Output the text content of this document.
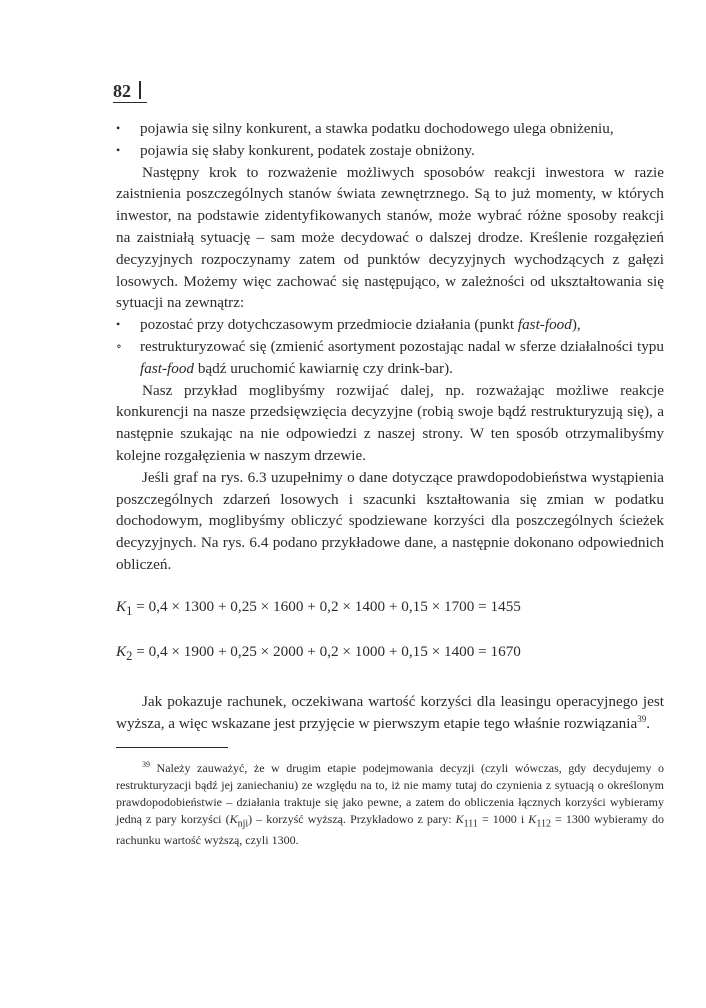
82
• pojawia się silny konkurent, a stawka podatku dochodowego ulega obniżeniu,
• pojawia się słaby konkurent, podatek zostaje obniżony.

Następny krok to rozważenie możliwych sposobów reakcji inwestora w razie zaistnienia poszczególnych stanów świata zewnętrznego. Są to już momenty, w których inwestor, na podstawie zidentyfikowanych stanów, może wybrać różne sposoby reakcji na zaistniałą sytuację – sam może decydować o dalszej drodze. Kreślenie rozgałęzień decyzyjnych rozpoczynamy zatem od punktów decyzyjnych wychodzących z gałęzi losowych. Możemy więc zachować się następująco, w zależności od ukształtowania się sytuacji na zewnątrz:

• pozostać przy dotychczasowym przedmiocie działania (punkt fast-food),
∘ restrukturyzować się (zmienić asortyment pozostając nadal w sferze działalności typu fast-food bądź uruchomić kawiarnię czy drink-bar).

Nasz przykład moglibyśmy rozwijać dalej, np. rozważając możliwe reakcje konkurencji na nasze przedsięwzięcia decyzyjne (robią swoje bądź restrukturyzują się), a następnie szukając na nie odpowiedzi z naszej strony. W ten sposób otrzymalibyśmy kolejne rozgałęzienia w naszym drzewie.

Jeśli graf na rys. 6.3 uzupełnimy o dane dotyczące prawdopodobieństwa wystąpienia poszczególnych zdarzeń losowych i szacunki kształtowania się zmian w podatku dochodowym, moglibyśmy obliczyć spodziewane korzyści dla poszczególnych ścieżek decyzyjnych. Na rys. 6.4 podano przykładowe dane, a następnie dokonano odpowiednich obliczeń.

$K_1 = 0,4 \times 1300 + 0,25 \times 1600 + 0,2 \times 1400 + 0,15 \times 1700 = 1455$

$K_2 = 0,4 \times 1900 + 0,25 \times 2000 + 0,2 \times 1000 + 0,15 \times 1400 = 1670$

Jak pokazuje rachunek, oczekiwana wartość korzyści dla leasingu operacyjnego jest wyższa, a więc wskazane jest przyjęcie w pierwszym etapie tego właśnie rozwiązania$^{39}$.

$^{39}$ Należy zauważyć, że w drugim etapie podejmowania decyzji (czyli wówczas, gdy decydujemy o restrukturyzacji bądź jej zaniechaniu) ze względu na to, iż nie mamy tutaj do czynienia z sytuacją o określonym prawdopodobieństwie – działania traktuje się jako pewne, a zatem do obliczenia łącznych korzyści wybieramy jedną z pary korzyści $(K_{nji})$ – korzyść wyższą. Przykładowo z pary: $K_{111} = 1000$ i $K_{112} = 1300$ wybieramy do rachunku wartość wyższą, czyli 1300.
